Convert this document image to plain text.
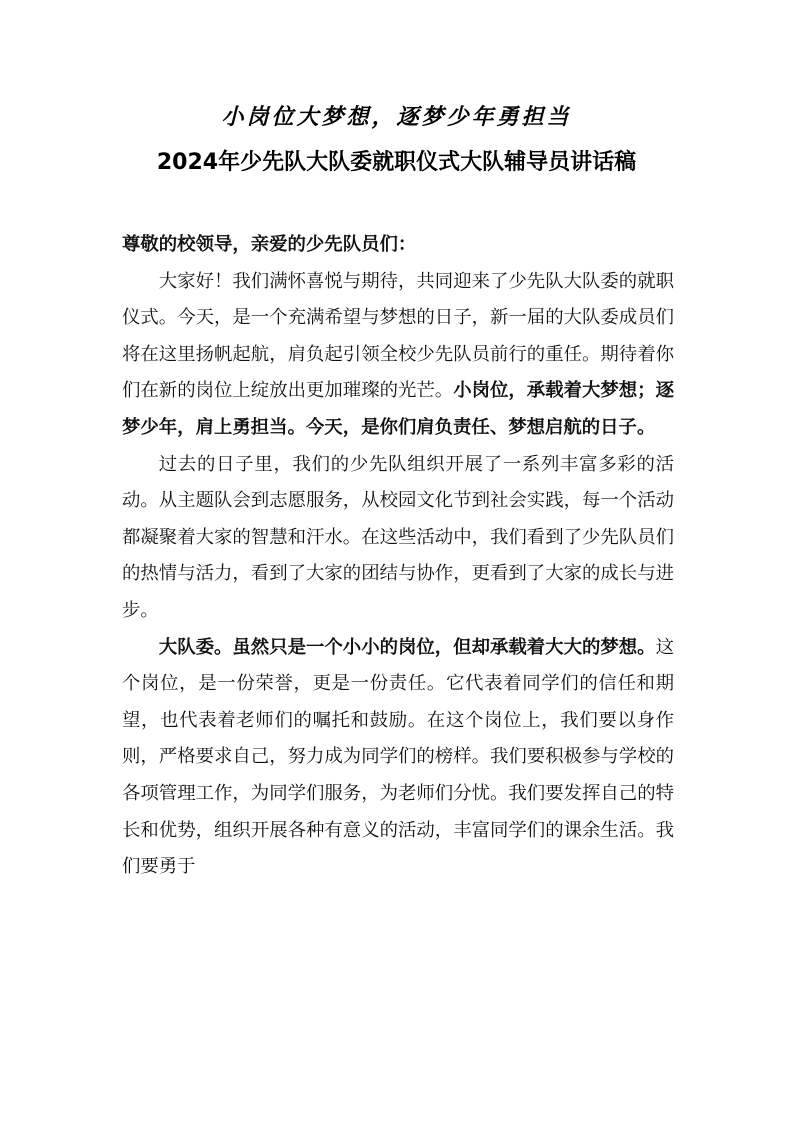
小岗位大梦想，逐梦少年勇担当
2024年少先队大队委就职仪式大队辅导员讲话稿

尊敬的校领导，亲爱的少先队员们：

大家好！我们满怀喜悦与期待，共同迎来了少先队大队委的就职仪式。今天，是一个充满希望与梦想的日子，新一届的大队委成员们将在这里扬帆起航，肩负起引领全校少先队员前行的重任。期待着你们在新的岗位上绽放出更加璀璨的光芒。小岗位，承载着大梦想；逐梦少年，肩上勇担当。今天，是你们肩负责任、梦想启航的日子。

过去的日子里，我们的少先队组织开展了一系列丰富多彩的活动。从主题队会到志愿服务，从校园文化节到社会实践，每一个活动都凝聚着大家的智慧和汗水。在这些活动中，我们看到了少先队员们的热情与活力，看到了大家的团结与协作，更看到了大家的成长与进步。

大队委。虽然只是一个小小的岗位，但却承载着大大的梦想。这个岗位，是一份荣誉，更是一份责任。它代表着同学们的信任和期望，也代表着老师们的嘱托和鼓励。在这个岗位上，我们要以身作则，严格要求自己，努力成为同学们的榜样。我们要积极参与学校的各项管理工作，为同学们服务，为老师们分忧。我们要发挥自己的特长和优势，组织开展各种有意义的活动，丰富同学们的课余生活。我们要勇于
